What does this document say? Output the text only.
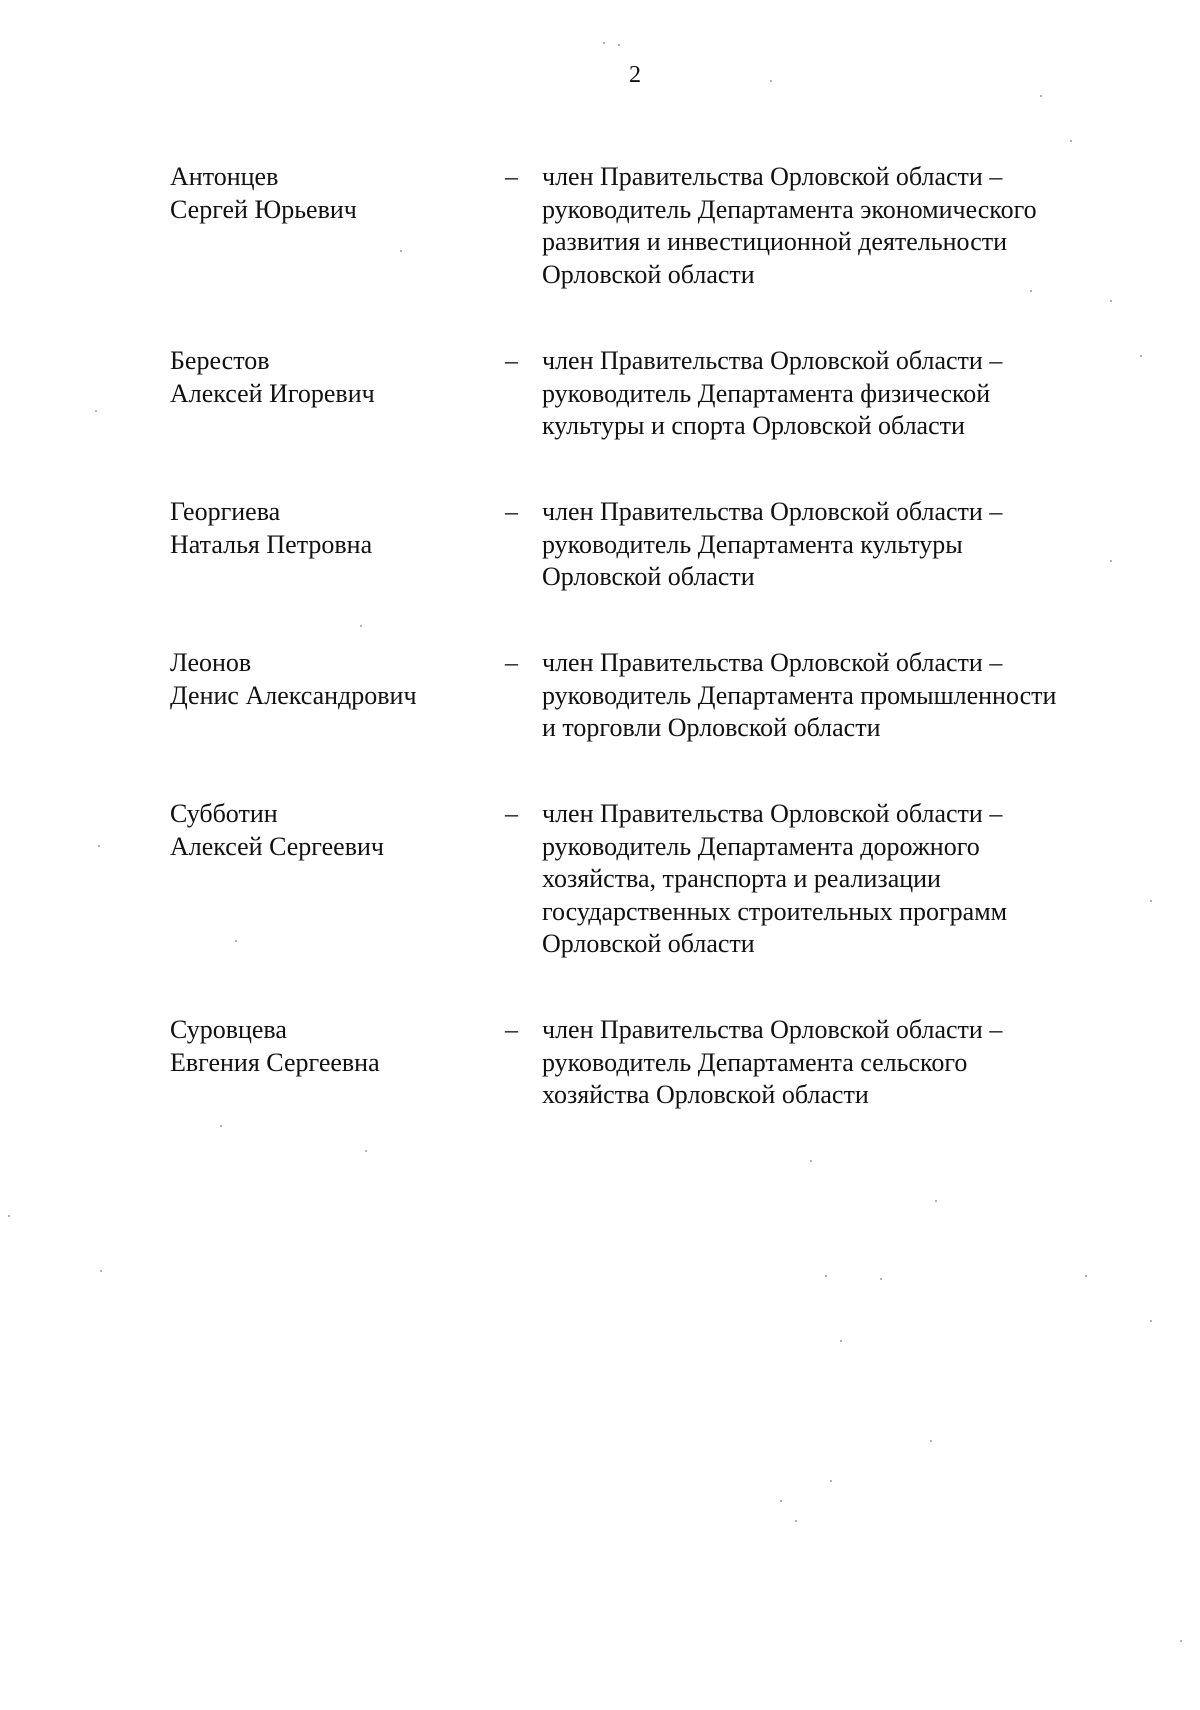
2
Антонцев
Сергей Юрьевич
– член Правительства Орловской области –
руководитель Департамента экономического
развития и инвестиционной деятельности
Орловской области
Берестов
Алексей Игоревич
– член Правительства Орловской области –
руководитель Департамента физической
культуры и спорта Орловской области
Георгиева
Наталья Петровна
– член Правительства Орловской области –
руководитель Департамента культуры
Орловской области
Леонов
Денис Александрович
– член Правительства Орловской области –
руководитель Департамента промышленности
и торговли Орловской области
Субботин
Алексей Сергеевич
– член Правительства Орловской области –
руководитель Департамента дорожного
хозяйства, транспорта и реализации
государственных строительных программ
Орловской области
Суровцева
Евгения Сергеевна
– член Правительства Орловской области –
руководитель Департамента сельского
хозяйства Орловской области
